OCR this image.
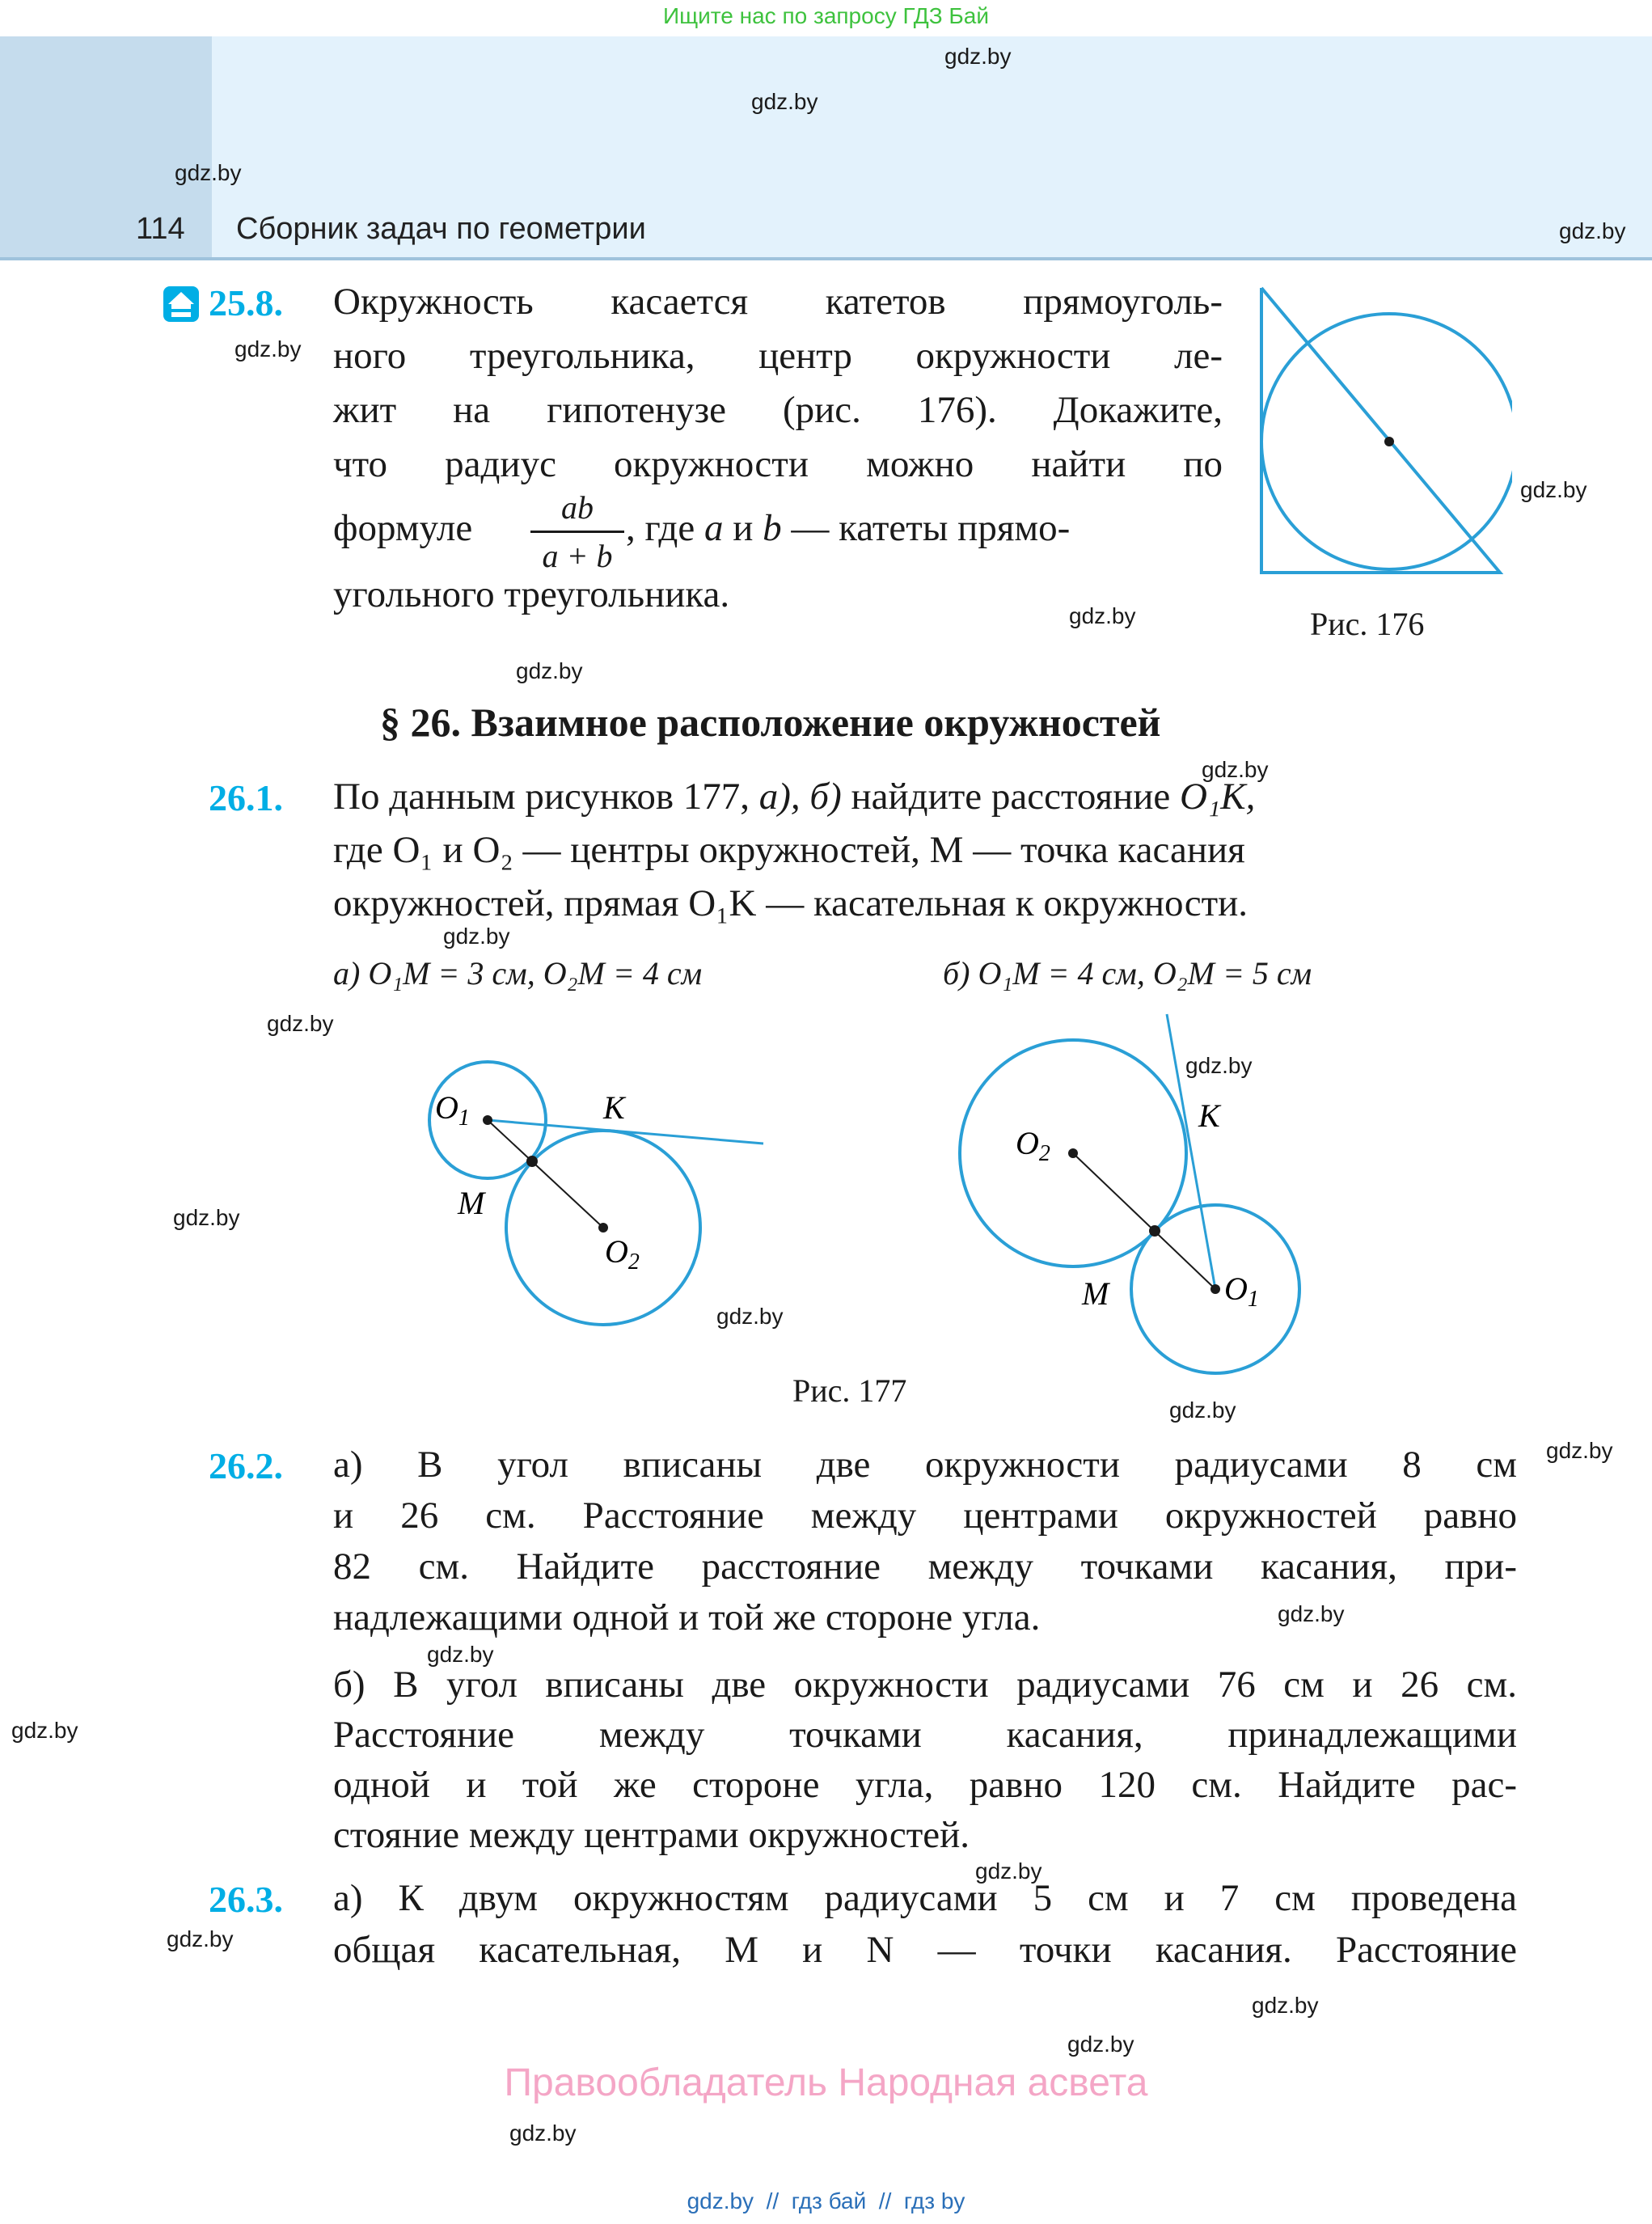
Ищите нас по запросу ГДЗ Бай
114 Сборник задач по геометрии
gdz.by
gdz.by
gdz.by
gdz.by
gdz.by
gdz.by
gdz.by
gdz.by
gdz.by
gdz.by
gdz.by
gdz.by
gdz.by
gdz.by
gdz.by
gdz.by
gdz.by
gdz.by
gdz.by
gdz.by
gdz.by
gdz.by
gdz.by
gdz.by
25.8. Окружность касается катетов прямоуголь-
ного треугольника, центр окружности ле-
жит на гипотенузе (рис. 176). Докажите,
что радиус окружности можно найти по
формуле	ab
a + b
, где a и b — катеты прямо-
угольного треугольника.
Рис. 176
§ 26. Взаимное расположение окружностей
26.1. По данным рисунков 177, а), б) найдите расстояние O₁K,
где O₁ и O₂ — центры окружностей, M — точка касания
окружностей, прямая O₁K — касательная к окружности.
а) O₁M = 3 см, O₂M = 4 см	б) O₁M = 4 см, O₂M = 5 см
$O_1$	K
M
$O_2$
$O_2$
K
M	$O_1$
Рис. 177
26.2. а) В угол вписаны две окружности радиусами 8 см
и 26 см. Расстояние между центрами окружностей равно
82 см. Найдите расстояние между точками касания, при-
надлежащими одной и той же стороне угла.
б) В угол вписаны две окружности радиусами 76 см и 26 см.
Расстояние между точками касания, принадлежащими
одной и той же стороне угла, равно 120 см. Найдите рас-
стояние между центрами окружностей.
26.3. а) К двум окружностям радиусами 5 см и 7 см проведена
общая касательная, M и N — точки касания. Расстояние
Правообладатель Народная асвета
gdz.by  //  гдз бай  //  гдз by
